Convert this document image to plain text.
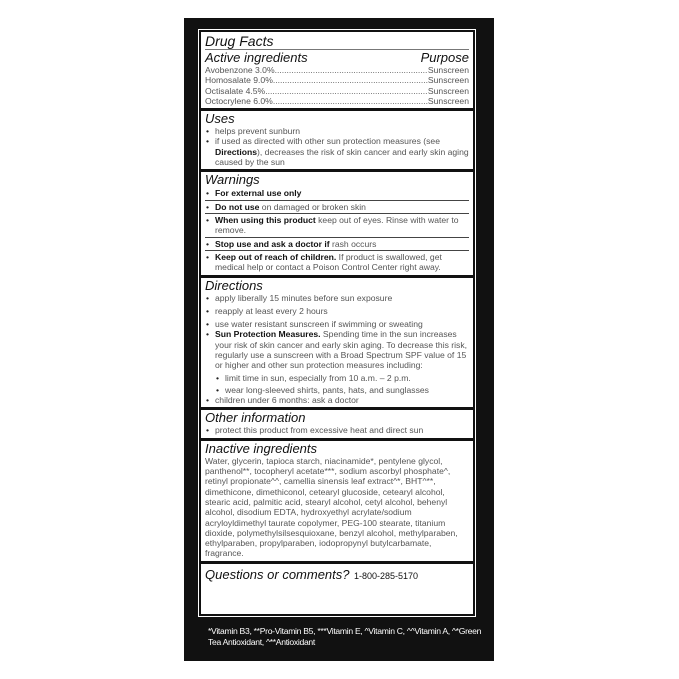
Drug Facts
Active ingredients	Purpose
Avobenzone 3.0% .....	Sunscreen
Homosalate 9.0% .....	Sunscreen
Octisalate 4.5% .....	Sunscreen
Octocrylene 6.0% .....	Sunscreen
Uses
• helps prevent sunburn
• if used as directed with other sun protection measures (see Directions), decreases the risk of skin cancer and early skin aging caused by the sun
Warnings
• For external use only
• Do not use on damaged or broken skin
• When using this product keep out of eyes. Rinse with water to remove.
• Stop use and ask a doctor if rash occurs
• Keep out of reach of children. If product is swallowed, get medical help or contact a Poison Control Center right away.
Directions
• apply liberally 15 minutes before sun exposure
• reapply at least every 2 hours
• use water resistant sunscreen if swimming or sweating
• Sun Protection Measures. Spending time in the sun increases your risk of skin cancer and early skin aging. To decrease this risk, regularly use a sunscreen with a Broad Spectrum SPF value of 15 or higher and other sun protection measures including:
• limit time in sun, especially from 10 a.m. – 2 p.m.
• wear long-sleeved shirts, pants, hats, and sunglasses
• children under 6 months: ask a doctor
Other information
• protect this product from excessive heat and direct sun
Inactive ingredients
Water, glycerin, tapioca starch, niacinamide*, pentylene glycol, panthenol**, tocopheryl acetate***, sodium ascorbyl phosphate^, retinyl propionate^^, camellia sinensis leaf extract^*, BHT^**, dimethicone, dimethiconol, cetearyl glucoside, cetearyl alcohol, stearic acid, palmitic acid, stearyl alcohol, cetyl alcohol, behenyl alcohol, disodium EDTA, hydroxyethyl acrylate/sodium acryloyldimethyl taurate copolymer, PEG-100 stearate, titanium dioxide, polymethylsilsesquioxane, benzyl alcohol, methylparaben, ethylparaben, propylparaben, iodopropynyl butylcarbamate, fragrance.
Questions or comments? 1-800-285-5170
*Vitamin B3, **Pro-Vitamin B5, ***Vitamin E, ^Vitamin C, ^^Vitamin A, ^*Green Tea Antioxidant, ^**Antioxidant
